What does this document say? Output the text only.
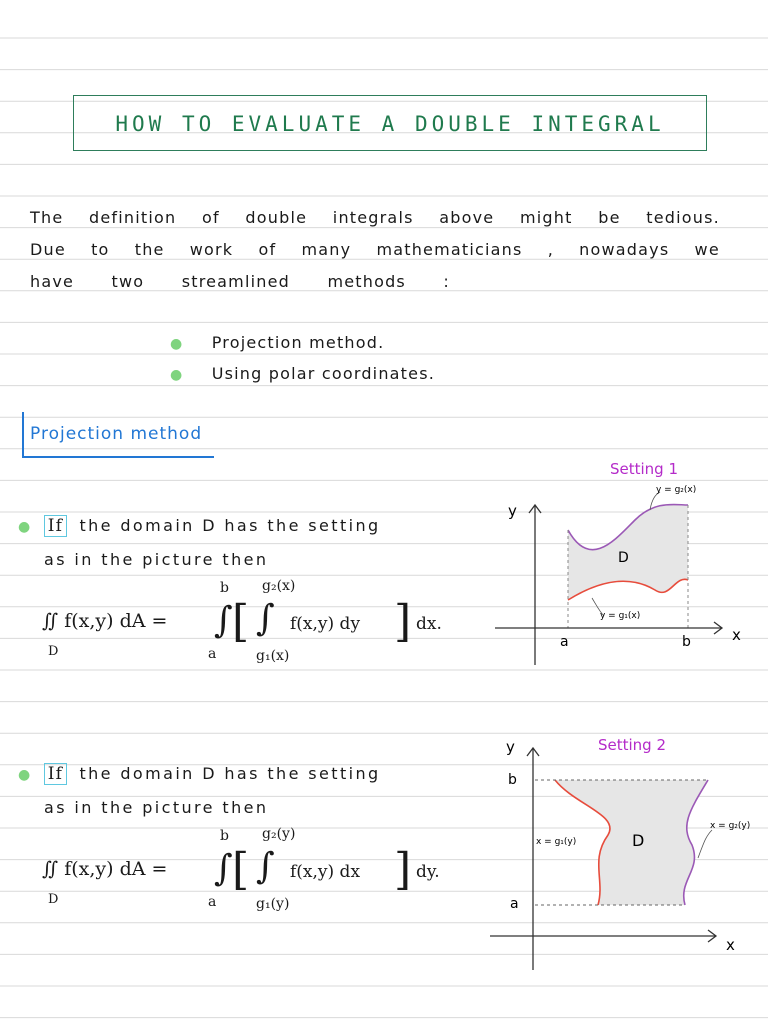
HOW TO EVALUATE A DOUBLE INTEGRAL
The definition of double integrals above might be tedious.
Due to the work of many mathematicians , nowadays we
have two streamlined methods :
● Projection method.
● Using polar coordinates.
Projection method
● If the domain D has the setting
as in the picture then
∬ f(x,y) dA =
D
∫
b
a
[ ∫
g₂(x)
g₁(x)
f(x,y) dy ] dx.
● If the domain D has the setting
as in the picture then
∬ f(x,y) dA =
D
∫
b
a
[ ∫
g₂(y)
g₁(y)
f(x,y) dx ] dy.
Setting 1
y
x
a	b
D
y = g₂(x)
y = g₁(x)
Setting 2
y
x
b
a
D
x = g₁(y)
x = g₂(y)
